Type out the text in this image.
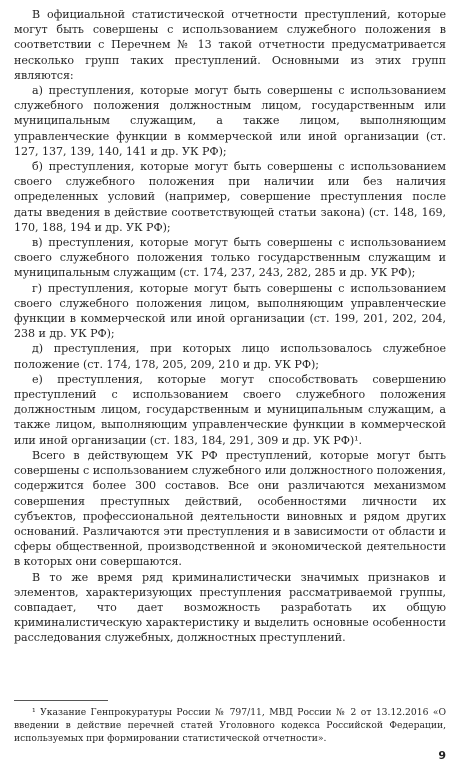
В официальной статистической отчетности преступлений, которые могут быть совершены с использованием служебного положения в соответствии с Перечнем № 13 такой отчетности предусматривается несколько групп таких преступлений. Основными из этих групп являются:

а) преступления, которые могут быть совершены с использованием служебного положения должностным лицом, государственным или муниципальным служащим, а также лицом, выполняющим управленческие функции в коммерческой или иной организации (ст. 127, 137, 139, 140, 141 и др. УК РФ);

б) преступления, которые могут быть совершены с использованием своего служебного положения при наличии или без наличия определенных условий (например, совершение преступления после даты введения в действие соответствующей статьи закона) (ст. 148, 169, 170, 188, 194 и др. УК РФ);

в) преступления, которые могут быть совершены с использованием своего служебного положения только государственным служащим и муниципальным служащим (ст. 174, 237, 243, 282, 285 и др. УК РФ);

г) преступления, которые могут быть совершены с использованием своего служебного положения лицом, выполняющим управленческие функции в коммерческой или иной организации (ст. 199, 201, 202, 204, 238 и др. УК РФ);

д) преступления, при которых лицо использовалось служебное положение (ст. 174, 178, 205, 209, 210 и др. УК РФ);

е) преступления, которые могут способствовать совершению преступлений с использованием своего служебного положения должностным лицом, государственным и муниципальным служащим, а также лицом, выполняющим управленческие функции в коммерческой или иной организации (ст. 183, 184, 291, 309 и др. УК РФ)¹.

Всего в действующем УК РФ преступлений, которые могут быть совершены с использованием служебного или должностного положения, содержится более 300 составов. Все они различаются механизмом совершения преступных действий, особенностями личности их субъектов, профессиональной деятельности виновных и рядом других оснований. Различаются эти преступления и в зависимости от области и сферы общественной, производственной и экономической деятельности в которых они совершаются.

В то же время ряд криминалистически значимых признаков и элементов, характеризующих преступления рассматриваемой группы, совпадает, что дает возможность разработать их общую криминалистическую характеристику и выделить основные особенности расследования служебных, должностных преступлений.

¹ Указание Генпрокуратуры России № 797/11, МВД России № 2 от 13.12.2016 «О введении в действие перечней статей Уголовного кодекса Российской Федерации, используемых при формировании статистической отчетности».

9
